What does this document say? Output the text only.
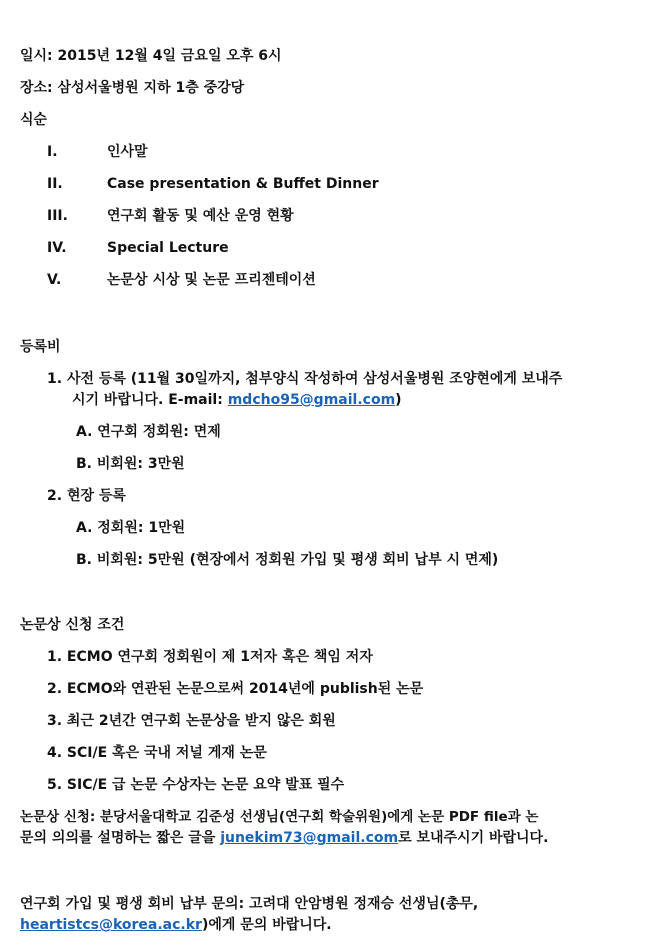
일시: 2015년 12월 4일 금요일 오후 6시
장소: 삼성서울병원 지하 1층 중강당
식순
I.	인사말
II.	Case presentation & Buffet Dinner
III.	연구회 활동 및 예산 운영 현황
IV.	Special Lecture
V.	논문상 시상 및 논문 프리젠테이션
등록비
1. 사전 등록 (11월 30일까지, 첨부양식 작성하여 삼성서울병원 조양현에게 보내주
시기 바랍니다. E-mail: mdcho95@gmail.com)
A. 연구회 정회원: 면제
B. 비회원: 3만원
2. 현장 등록
A. 정회원: 1만원
B. 비회원: 5만원 (현장에서 정회원 가입 및 평생 회비 납부 시 면제)
논문상 신청 조건
1. ECMO 연구회 정회원이 제 1저자 혹은 책임 저자
2. ECMO와 연관된 논문으로써 2014년에 publish된 논문
3. 최근 2년간 연구회 논문상을 받지 않은 회원
4. SCI/E 혹은 국내 저널 게재 논문
5. SIC/E 급 논문 수상자는 논문 요약 발표 필수
논문상 신청: 분당서울대학교 김준성 선생님(연구회 학술위원)에게 논문 PDF file과 논
문의 의의를 설명하는 짧은 글을 junekim73@gmail.com로 보내주시기 바랍니다.
연구회 가입 및 평생 회비 납부 문의: 고려대 안암병원 정재승 선생님(총무,
heartistcs@korea.ac.kr)에게 문의 바랍니다.
